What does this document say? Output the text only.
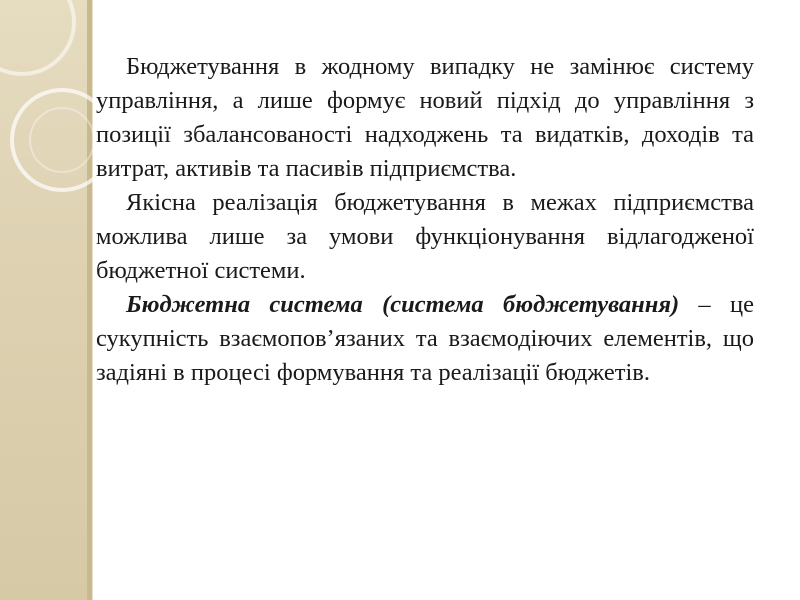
Бюджетування в жодному випадку не замінює систему управління, а лише формує новий підхід до управління з позиції збалансованості надходжень та видатків, доходів та витрат, активів та пасивів підприємства.

Якісна реалізація бюджетування в межах підприємства можлива лише за умови функціонування відлагодженої бюджетної системи.

Бюджетна система (система бюджетування) – це сукупність взаємопов’язаних та взаємодіючих елементів, що задіяні в процесі формування та реалізації бюджетів.
